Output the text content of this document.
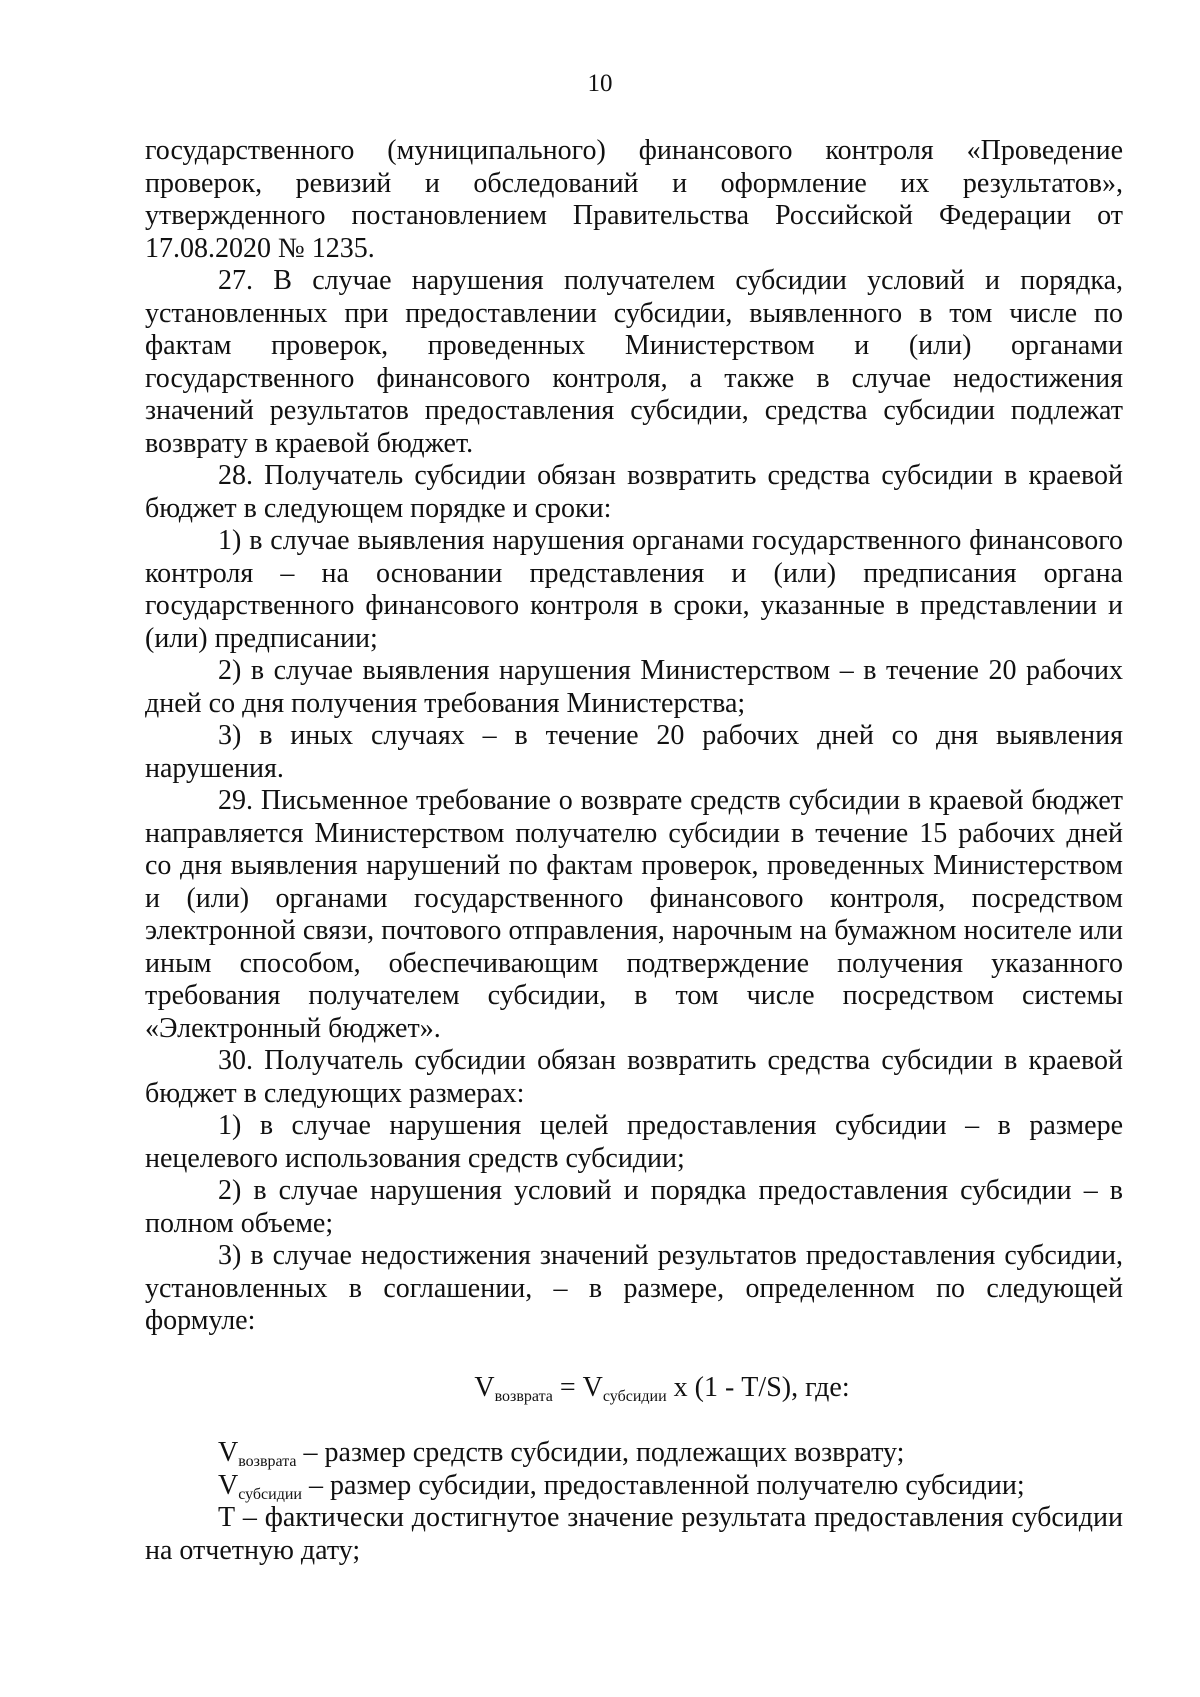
10

государственного (муниципального) финансового контроля «Проведение проверок, ревизий и обследований и оформление их результатов», утвержденного постановлением Правительства Российской Федерации от 17.08.2020 № 1235.

27. В случае нарушения получателем субсидии условий и порядка, установленных при предоставлении субсидии, выявленного в том числе по фактам проверок, проведенных Министерством и (или) органами государственного финансового контроля, а также в случае недостижения значений результатов предоставления субсидии, средства субсидии подлежат возврату в краевой бюджет.

28. Получатель субсидии обязан возвратить средства субсидии в краевой бюджет в следующем порядке и сроки:

1) в случае выявления нарушения органами государственного финансового контроля – на основании представления и (или) предписания органа государственного финансового контроля в сроки, указанные в представлении и (или) предписании;

2) в случае выявления нарушения Министерством – в течение 20 рабочих дней со дня получения требования Министерства;

3) в иных случаях – в течение 20 рабочих дней со дня выявления нарушения.

29. Письменное требование о возврате средств субсидии в краевой бюджет направляется Министерством получателю субсидии в течение 15 рабочих дней со дня выявления нарушений по фактам проверок, проведенных Министерством и (или) органами государственного финансового контроля, посредством электронной связи, почтового отправления, нарочным на бумажном носителе или иным способом, обеспечивающим подтверждение получения указанного требования получателем субсидии, в том числе посредством системы «Электронный бюджет».

30. Получатель субсидии обязан возвратить средства субсидии в краевой бюджет в следующих размерах:

1) в случае нарушения целей предоставления субсидии – в размере нецелевого использования средств субсидии;

2) в случае нарушения условий и порядка предоставления субсидии – в полном объеме;

3) в случае недостижения значений результатов предоставления субсидии, установленных в соглашении, – в размере, определенном по следующей формуле:

$V_{возврата} = V_{субсидии}$ х (1 - T/S), где:

$V_{возврата}$ – размер средств субсидии, подлежащих возврату;

$V_{субсидии}$ – размер субсидии, предоставленной получателю субсидии;

Т – фактически достигнутое значение результата предоставления субсидии на отчетную дату;
